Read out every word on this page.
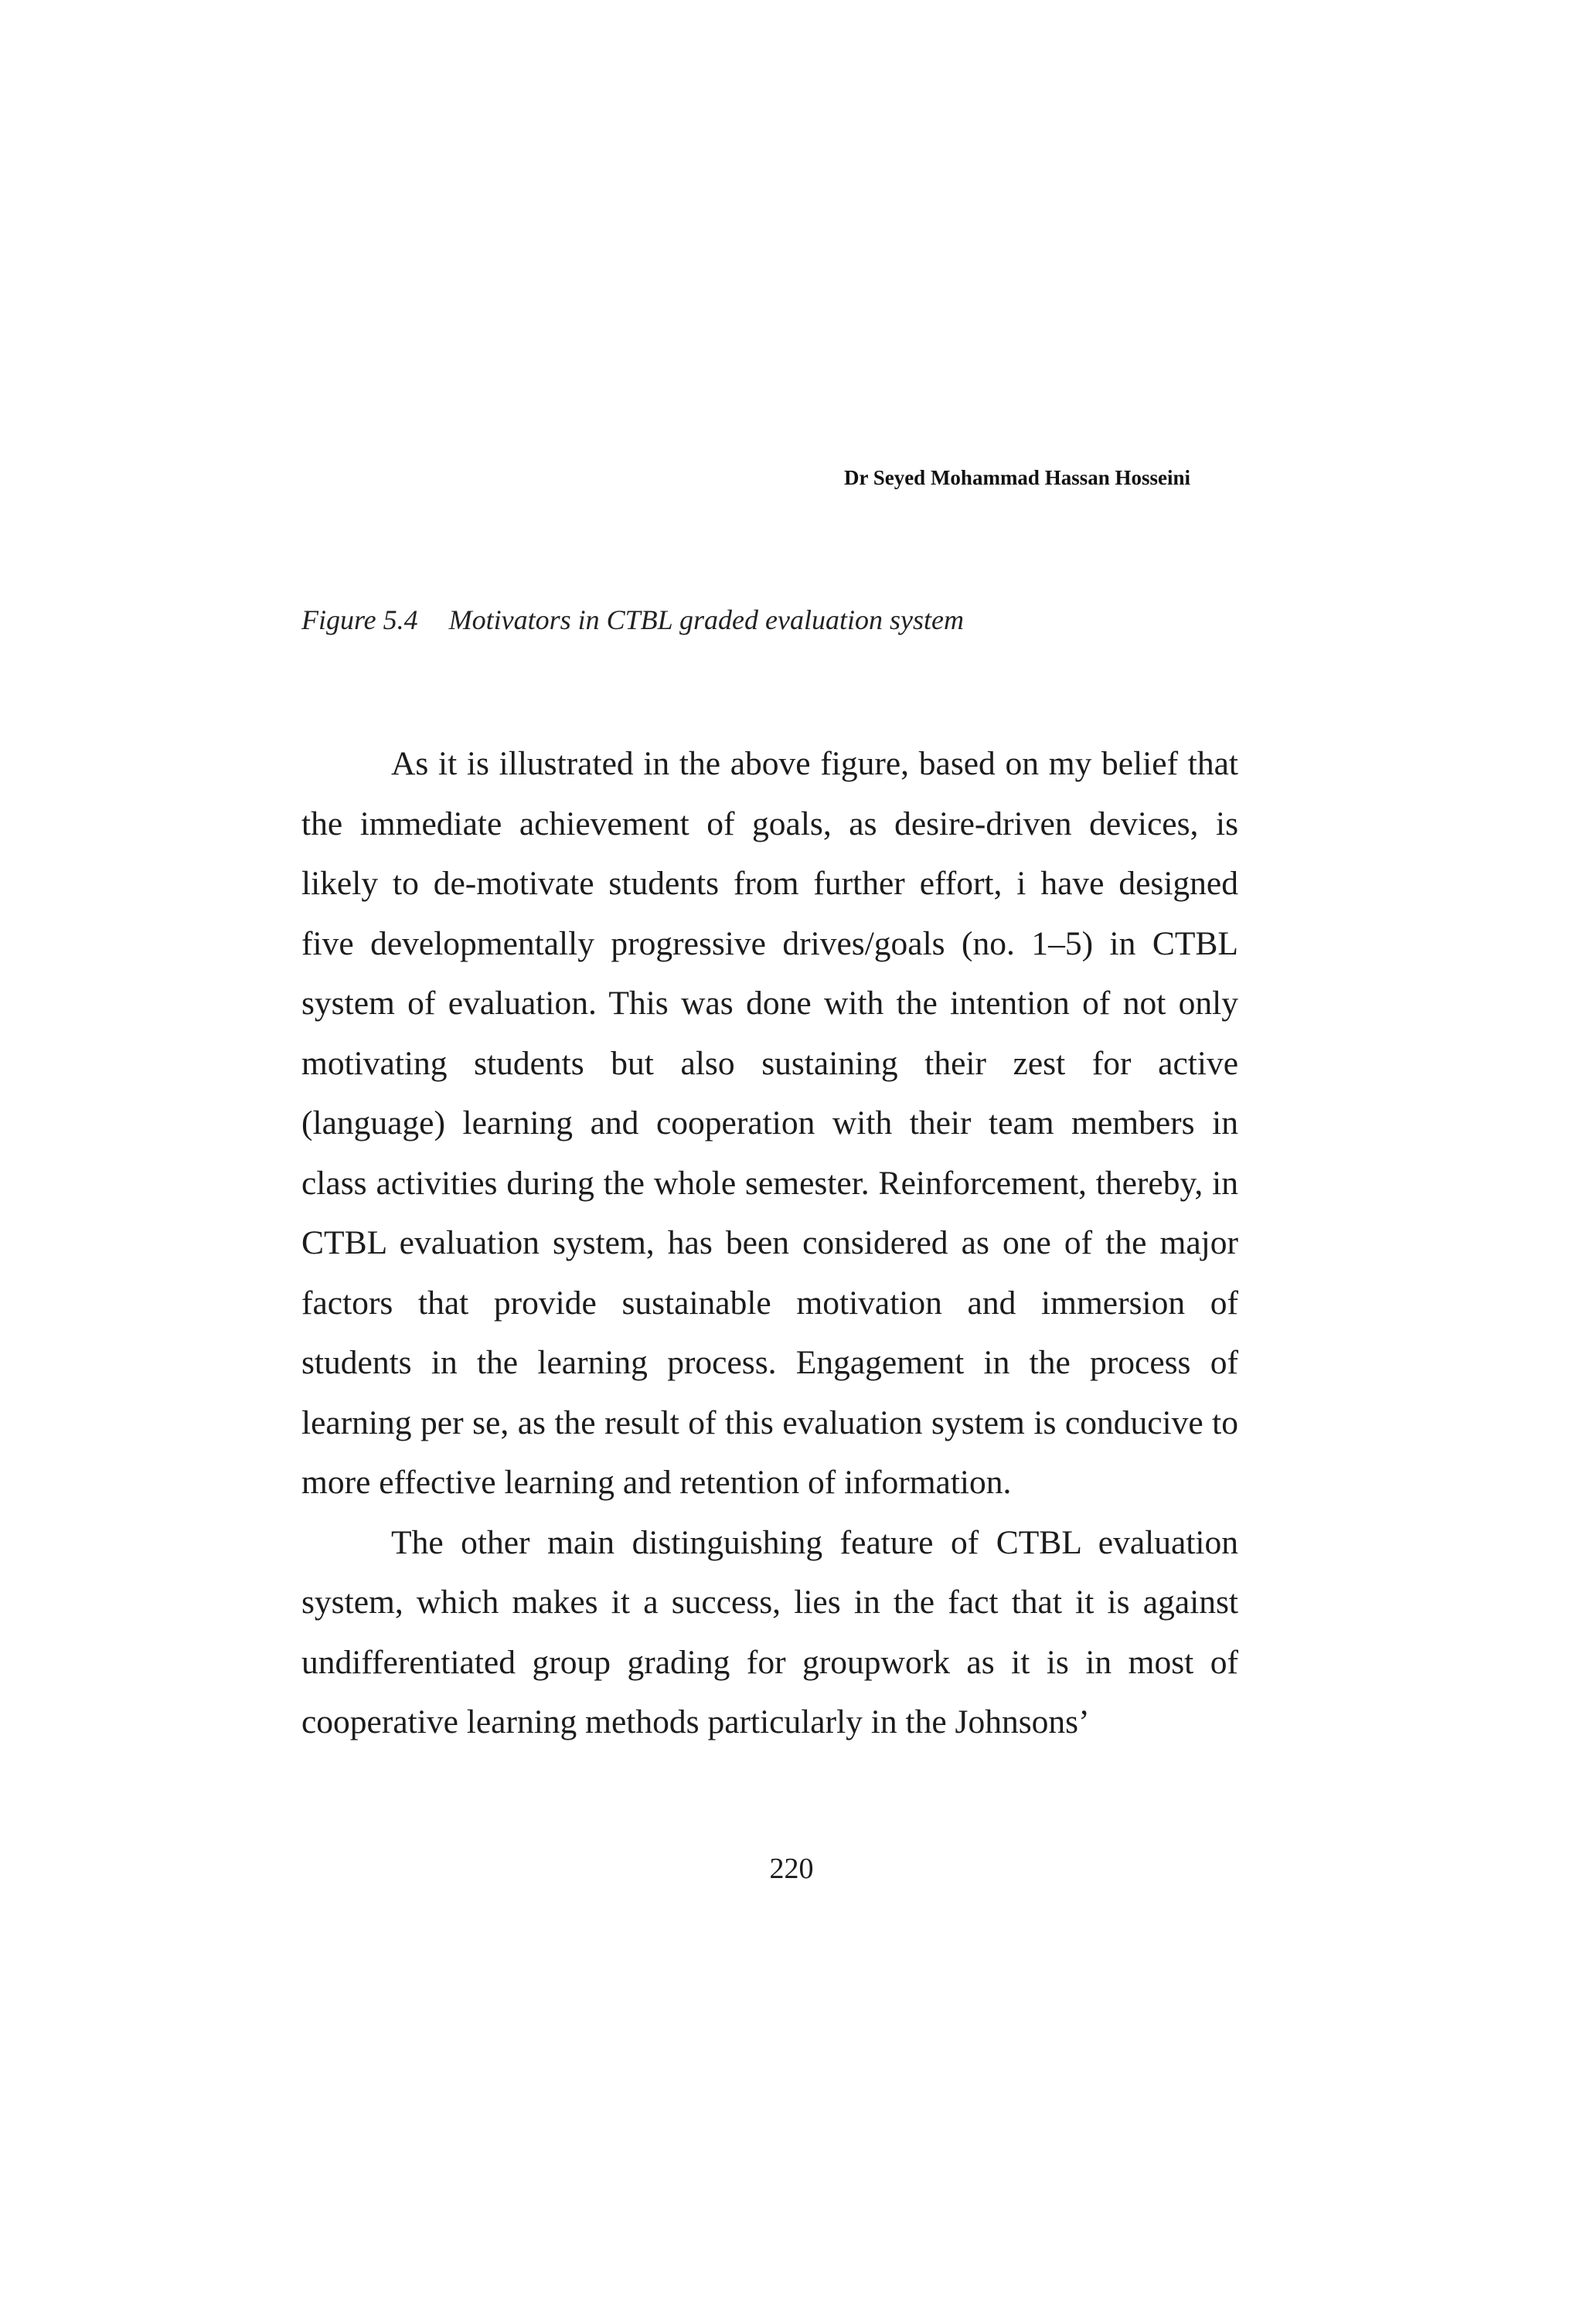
Dr Seyed Mohammad Hassan Hosseini
Figure 5.4 Motivators in CTBL graded evaluation system

As it is illustrated in the above figure, based on my belief that the immediate achievement of goals, as desire-driven devices, is likely to de-motivate students from further effort, i have designed five developmentally progressive drives/goals (no. 1–5) in CTBL system of evaluation. This was done with the intention of not only motivating students but also sustaining their zest for active (language) learning and cooperation with their team members in class activities during the whole semester. Reinforcement, thereby, in CTBL evaluation system, has been considered as one of the major factors that provide sustainable motivation and immersion of students in the learning process. Engagement in the process of learning per se, as the result of this evaluation system is conducive to more effective learning and retention of information.

The other main distinguishing feature of CTBL evaluation system, which makes it a success, lies in the fact that it is against undifferentiated group grading for groupwork as it is in most of cooperative learning methods particularly in the Johnsons’

220
